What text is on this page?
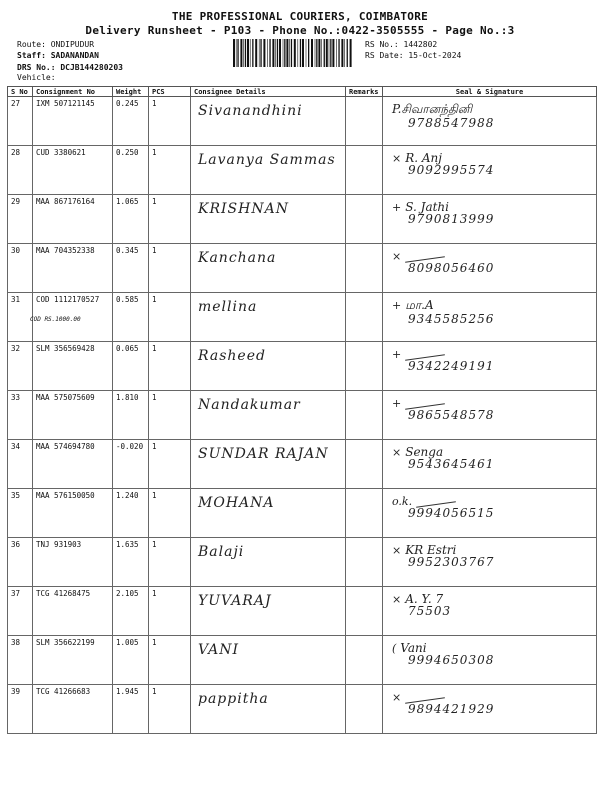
THE PROFESSIONAL COURIERS, COIMBATORE
Delivery Runsheet - P103 - Phone No.:0422-3505555 - Page No.:3
Route: ONDIPUDUR
Staff: SADANANDAN
DRS No.: DCJB144280203
Vehicle:
RS No.: 1442802
RS Date: 15-Oct-2024
S No	Consignment No	Weight	PCS	Consignee Details	Remarks	Seal & Signature
27	IXM 507121145	0.245	1	Sivanandhini		P.சிவானந்தினி
9788547988

28	CUD 3380621	0.250	1	Lavanya Sammas		× R. Anj
9092995574

29	MAA 867176164	1.065	1	KRISHNAN		+ S. Jathi
9790813999

30	MAA 704352338	0.345	1	Kanchana		×
8098056460

31	COD 1112170527
COD RS.1000.00	0.585	1	mellina		+ மா.A
9345585256

32	SLM 356569428	0.065	1	Rasheed		+
9342249191

33	MAA 575075609	1.810	1	Nandakumar		+
9865548578

34	MAA 574694780	-0.020	1	SUNDAR RAJAN		× Senga
9543645461

35	MAA 576150050	1.240	1	MOHANA		o.k.
9994056515

36	TNJ 931903	1.635	1	Balaji		× KR Estri
9952303767

37	TCG 41268475	2.105	1	YUVARAJ		× A. Y. 7
75503

38	SLM 356622199	1.005	1	VANI		( Vani
9994650308

39	TCG 41266683	1.945	1	pappitha		×
9894421929
